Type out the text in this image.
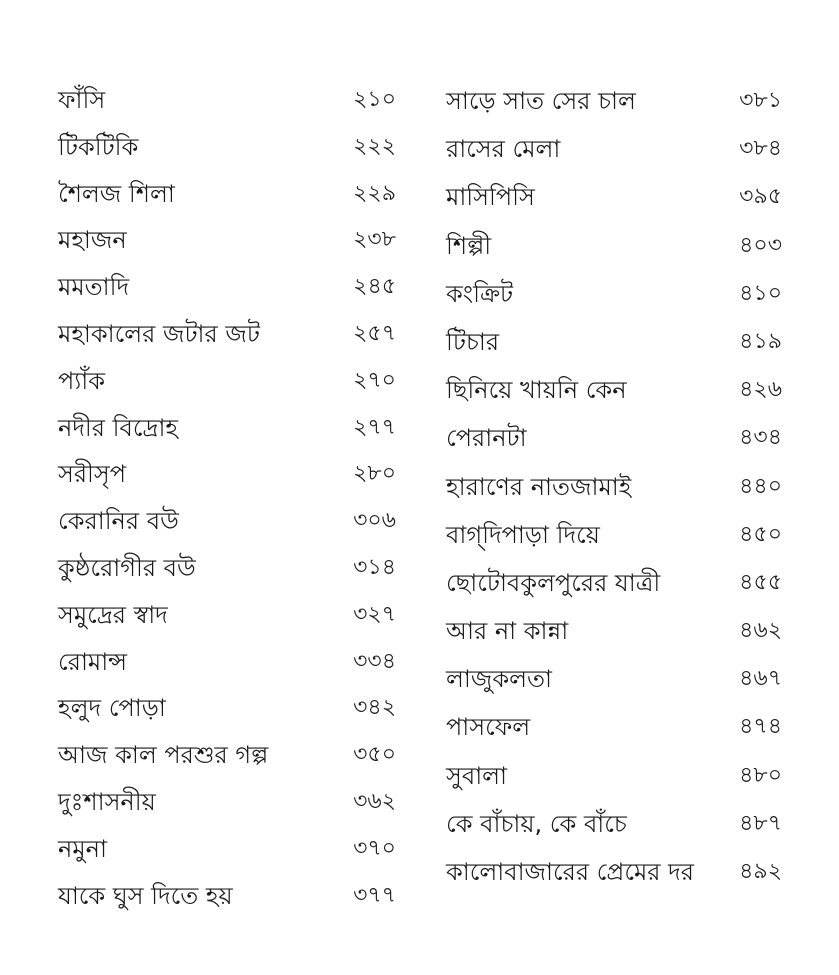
ফাঁসি	২১০
টিকটিকি	২২২
শৈলজ শিলা	২২৯
মহাজন	২৩৮
মমতাদি	২৪৫
মহাকালের জটার জট	২৫৭
প্যাঁক	২৭০
নদীর বিদ্রোহ	২৭৭
সরীসৃপ	২৮০
কেরানির বউ	৩০৬
কুষ্ঠরোগীর বউ	৩১৪
সমুদ্রের স্বাদ	৩২৭
রোমান্স	৩৩৪
হলুদ পোড়া	৩৪২
আজ কাল পরশুর গল্প	৩৫০
দুঃশাসনীয়	৩৬২
নমুনা	৩৭০
যাকে ঘুস দিতে হয়	৩৭৭
সাড়ে সাত সের চাল	৩৮১
রাসের মেলা	৩৮৪
মাসিপিসি	৩৯৫
শিল্পী	৪০৩
কংক্রিট	৪১০
টিচার	৪১৯
ছিনিয়ে খায়নি কেন	৪২৬
পেরানটা	৪৩৪
হারাণের নাতজামাই	৪৪০
বাগ্‌দিপাড়া দিয়ে	৪৫০
ছোটোবকুলপুরের যাত্রী	৪৫৫
আর না কান্না	৪৬২
লাজুকলতা	৪৬৭
পাসফেল	৪৭৪
সুবালা	৪৮০
কে বাঁচায়, কে বাঁচে	৪৮৭
কালোবাজারের প্রেমের দর ৪৯২
